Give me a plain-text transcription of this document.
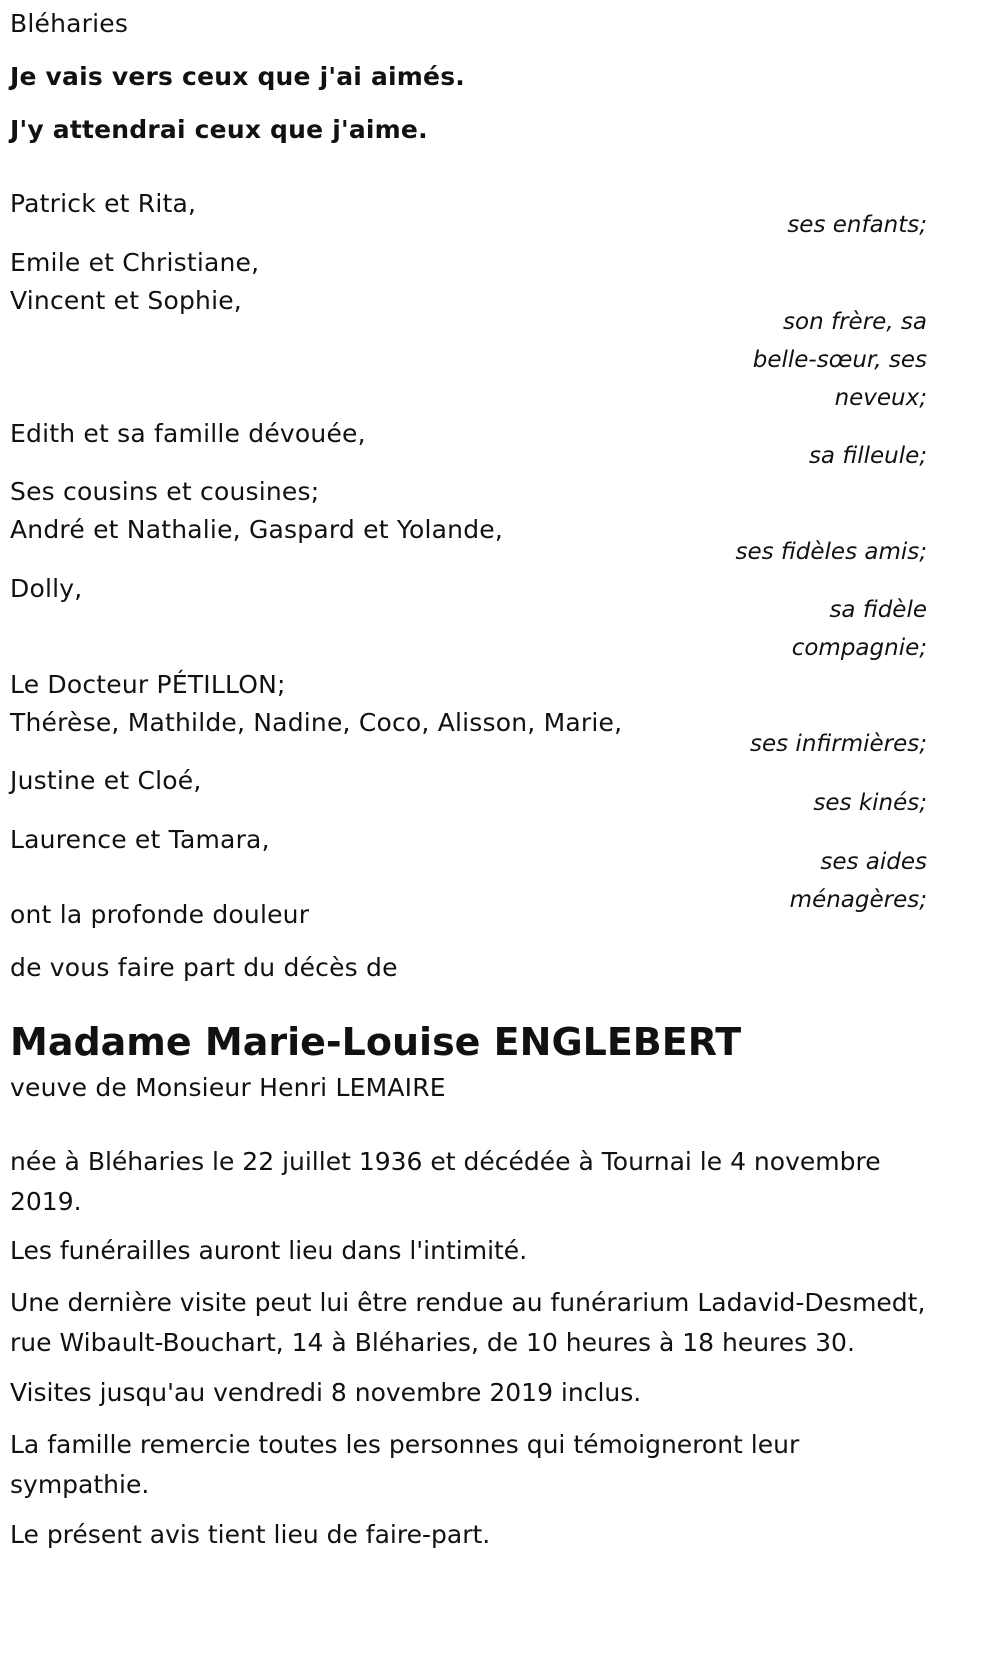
Bléharies
Je vais vers ceux que j'ai aimés.
J'y attendrai ceux que j'aime.
Patrick et Rita,
ses enfants;
Emile et Christiane,
Vincent et Sophie,
son frère, sa
belle-sœur, ses
neveux;
Edith et sa famille dévouée,
sa filleule;
Ses cousins et cousines;
André et Nathalie, Gaspard et Yolande,
ses fidèles amis;
Dolly,
sa fidèle
compagnie;
Le Docteur PÉTILLON;
Thérèse, Mathilde, Nadine, Coco, Alisson, Marie,
ses infirmières;
Justine et Cloé,
ses kinés;
Laurence et Tamara,
ses aides
ménagères;
ont la profonde douleur
de vous faire part du décès de
Madame Marie-Louise ENGLEBERT
veuve de Monsieur Henri LEMAIRE
née à Bléharies le 22 juillet 1936 et décédée à Tournai le 4 novembre 2019.
Les funérailles auront lieu dans l'intimité.
Une dernière visite peut lui être rendue au funérarium Ladavid-Desmedt, rue Wibault-Bouchart, 14 à Bléharies, de 10 heures à 18 heures 30.
Visites jusqu'au vendredi 8 novembre 2019 inclus.
La famille remercie toutes les personnes qui témoigneront leur sympathie.
Le présent avis tient lieu de faire-part.
